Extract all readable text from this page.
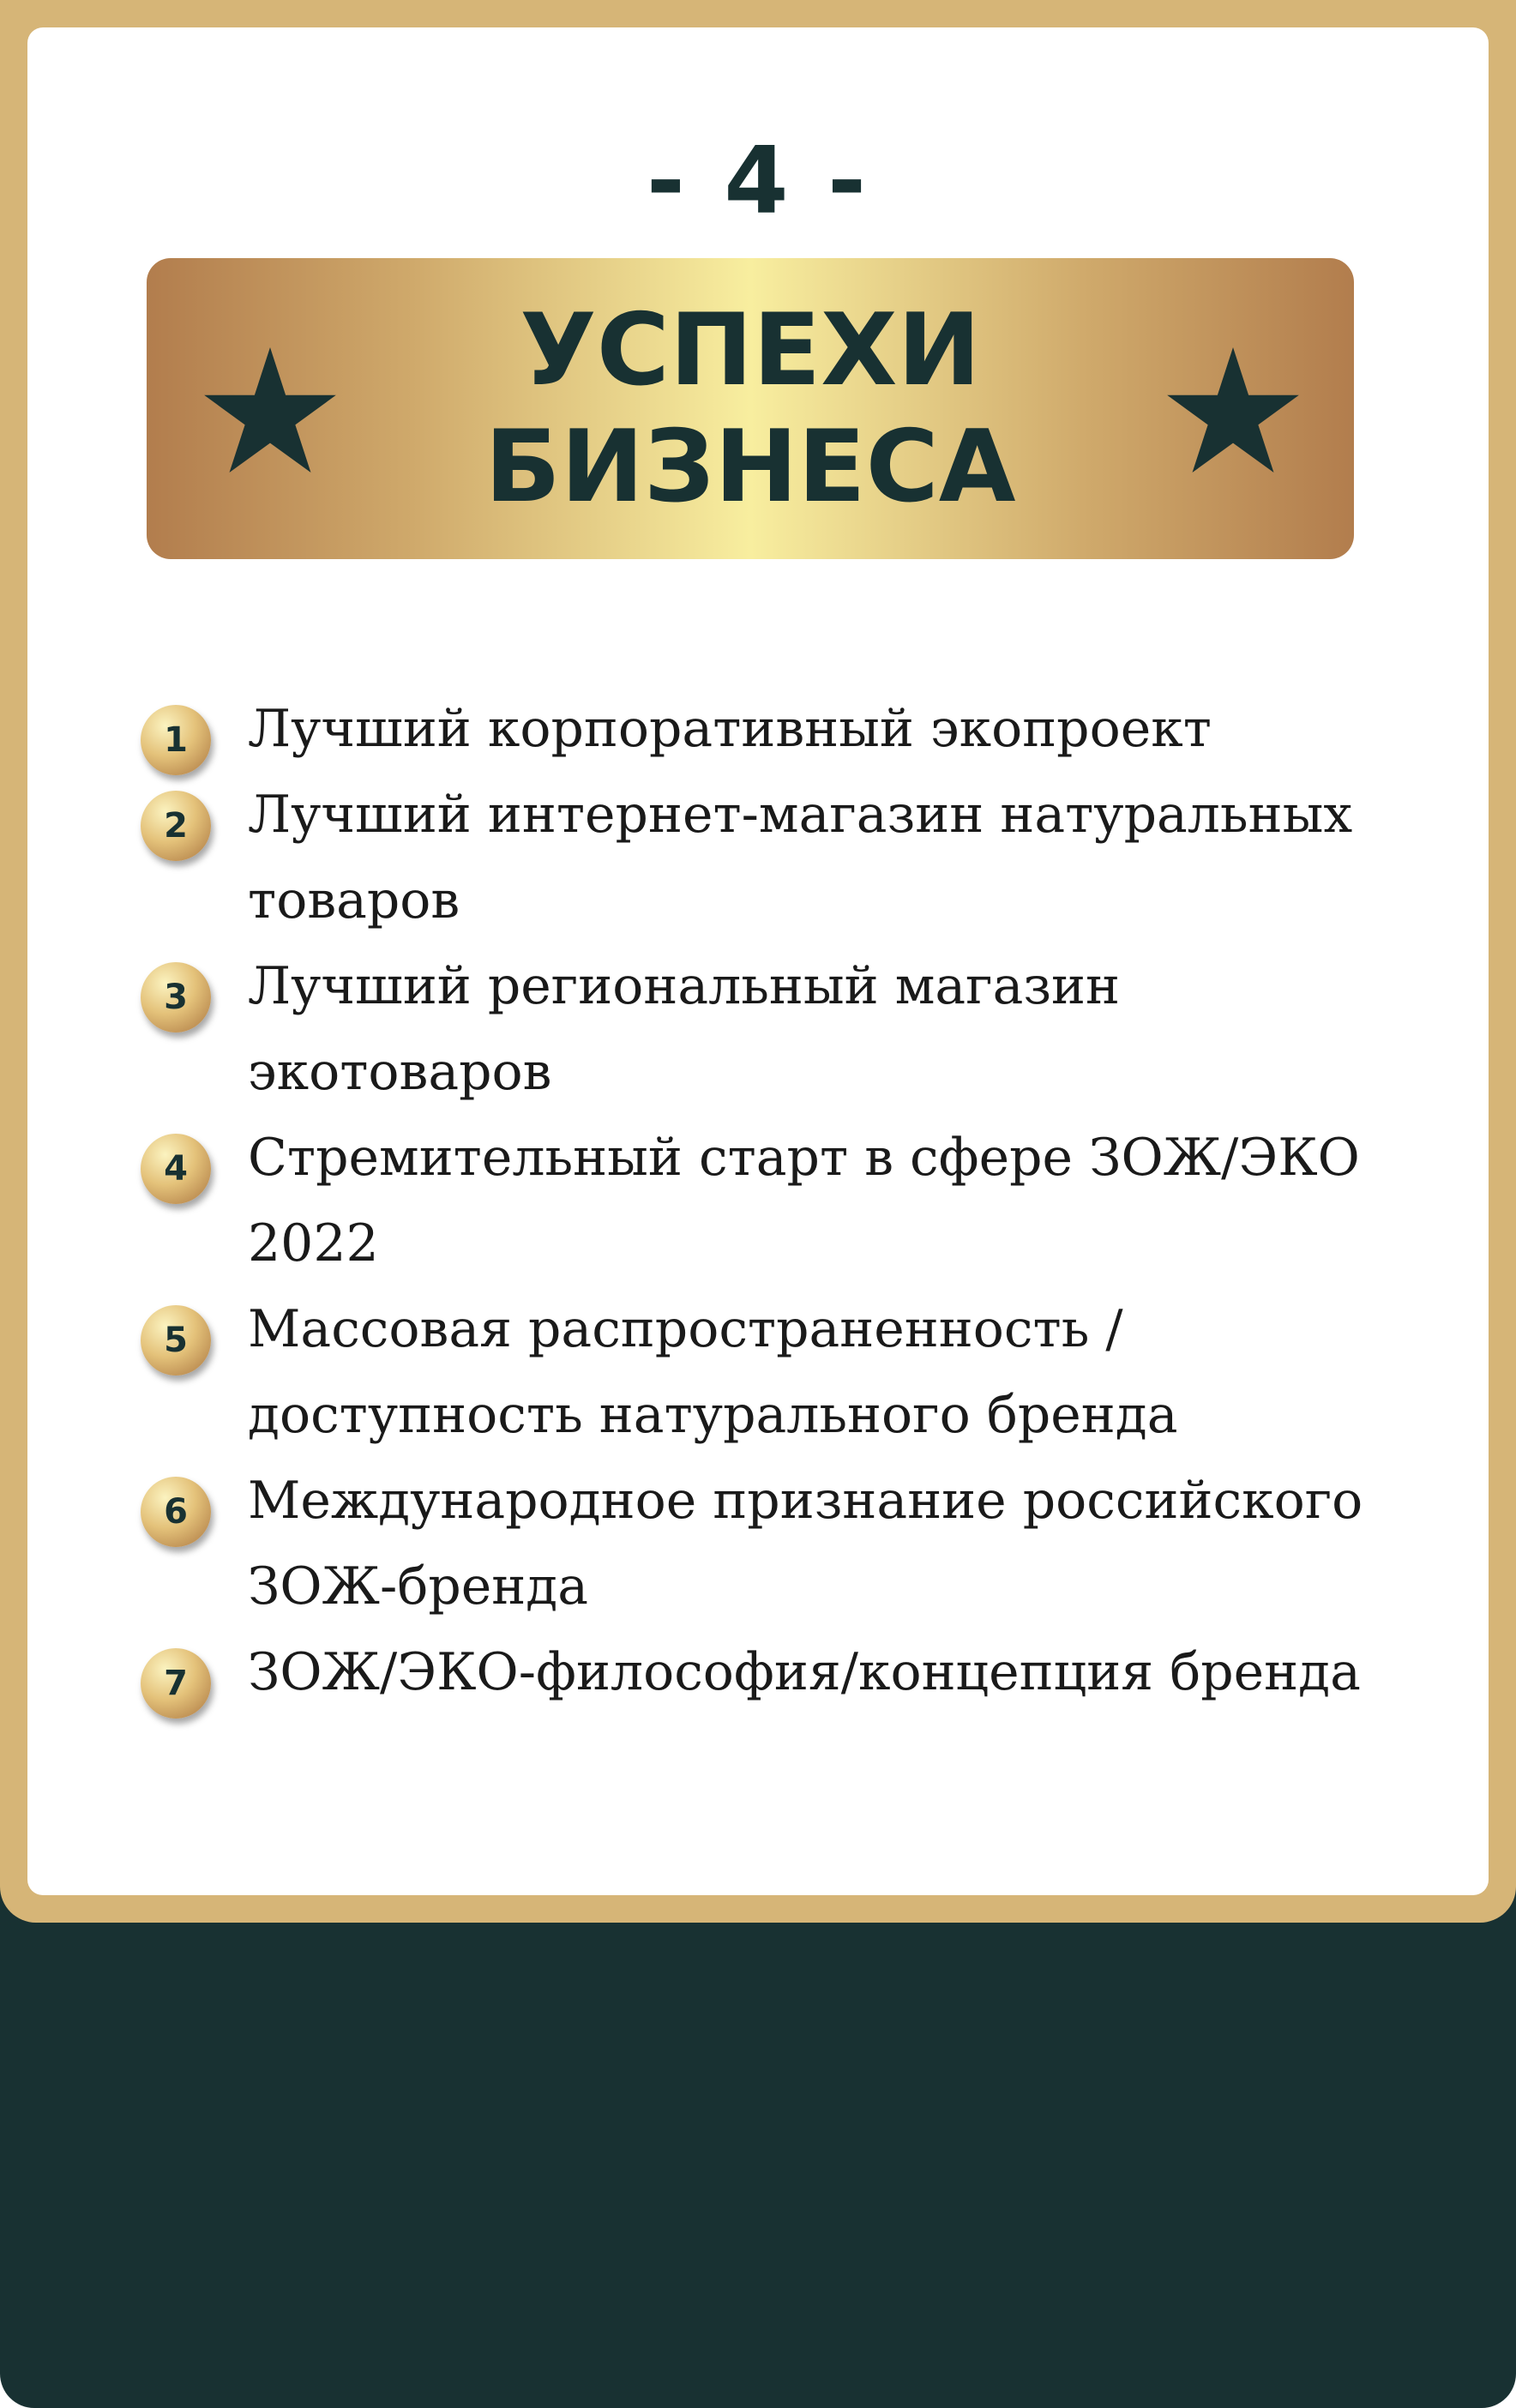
- 4 -
УСПЕХИ
БИЗНЕСА
1	Лучший корпоративный экопроект
2	Лучший интернет-магазин натуральных товаров
3	Лучший региональный магазин экотоваров
4	Стремительный старт в сфере ЗОЖ/ЭКО 2022
5	Массовая распространенность / доступность натурального бренда
6	Международное признание российского ЗОЖ-бренда
7	ЗОЖ/ЭКО-философия/концепция бренда
